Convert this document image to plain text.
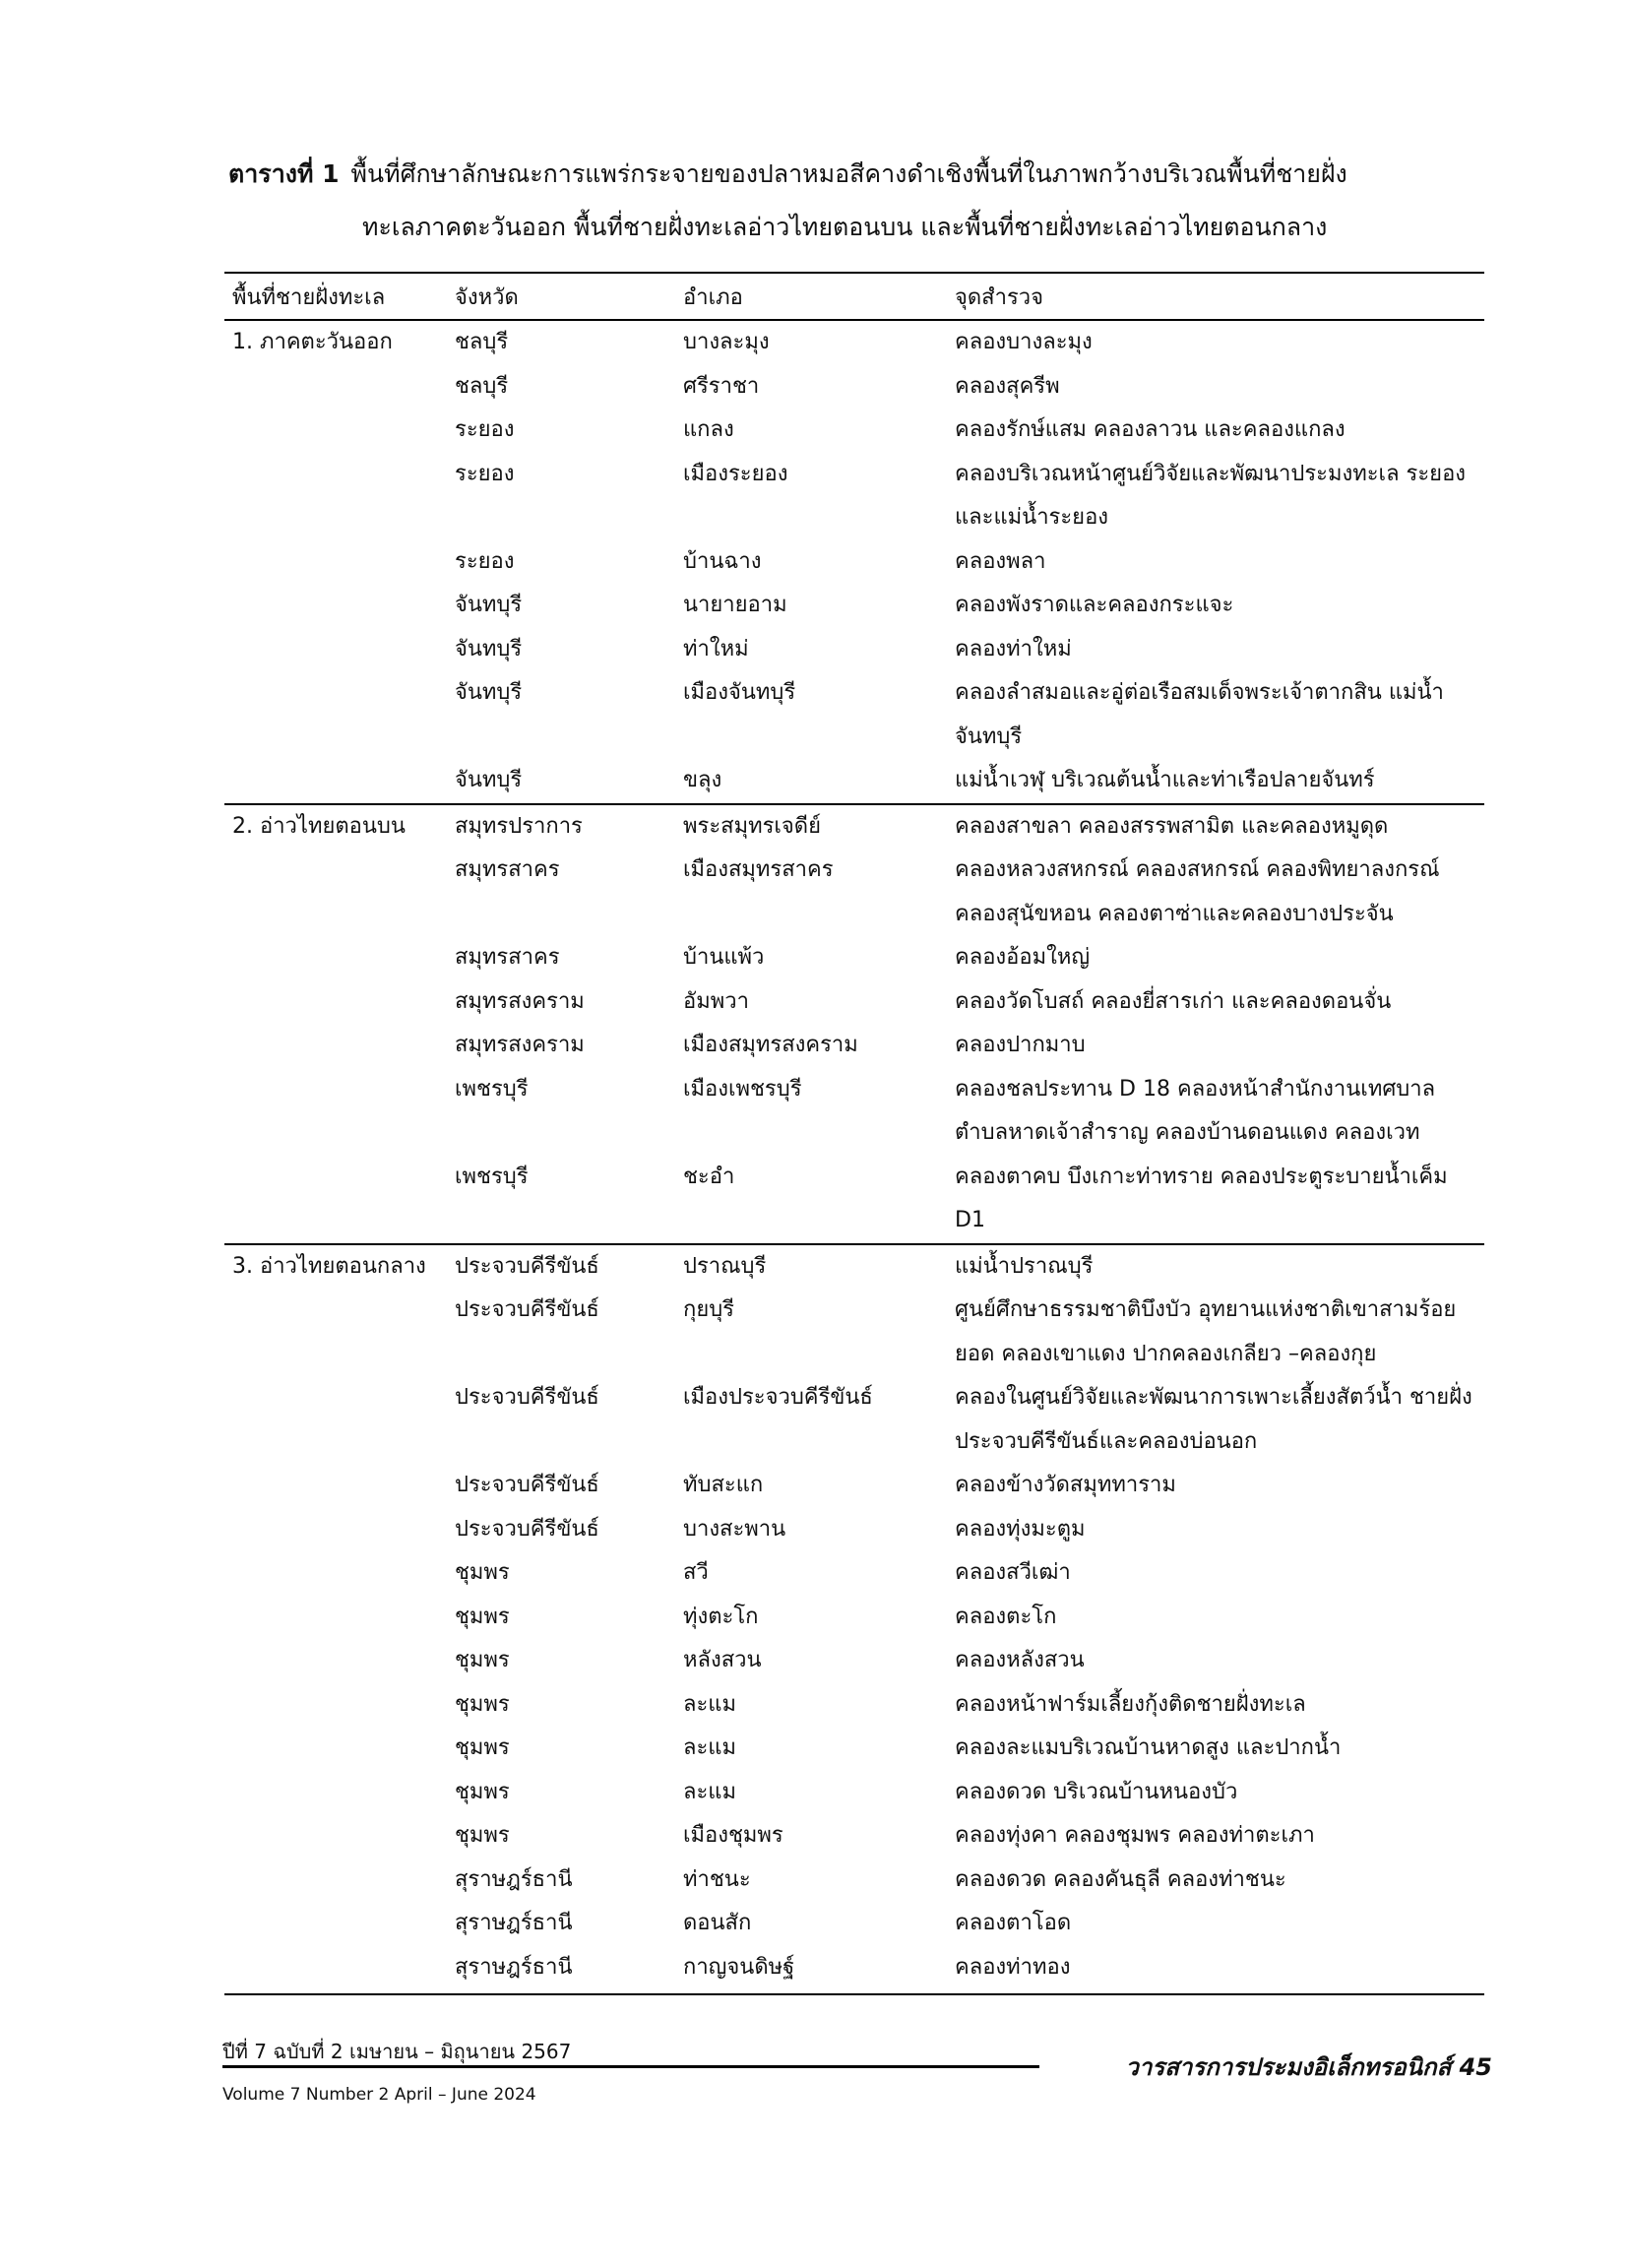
ตารางที่ 1 พื้นที่ศึกษาลักษณะการแพร่กระจายของปลาหมอสีคางดำเชิงพื้นที่ในภาพกว้างบริเวณพื้นที่ชายฝั่ง
ทะเลภาคตะวันออก พื้นที่ชายฝั่งทะเลอ่าวไทยตอนบน และพื้นที่ชายฝั่งทะเลอ่าวไทยตอนกลาง
พื้นที่ชายฝั่งทะเล	จังหวัด	อำเภอ	จุดสำรวจ
1. ภาคตะวันออก	ชลบุรี	บางละมุง	คลองบางละมุง
	ชลบุรี	ศรีราชา	คลองสุครีพ
	ระยอง	แกลง	คลองรักษ์แสม คลองลาวน และคลองแกลง
	ระยอง	เมืองระยอง	คลองบริเวณหน้าศูนย์วิจัยและพัฒนาประมงทะเล ระยอง และแม่น้ำระยอง
	ระยอง	บ้านฉาง	คลองพลา
	จันทบุรี	นายายอาม	คลองพังราดและคลองกระแจะ
	จันทบุรี	ท่าใหม่	คลองท่าใหม่
	จันทบุรี	เมืองจันทบุรี	คลองลำสมอและอู่ต่อเรือสมเด็จพระเจ้าตากสิน แม่น้ำ จันทบุรี
	จันทบุรี	ขลุง	แม่น้ำเวฬุ บริเวณต้นน้ำและท่าเรือปลายจันทร์
2. อ่าวไทยตอนบน	สมุทรปราการ	พระสมุทรเจดีย์	คลองสาขลา คลองสรรพสามิต และคลองหมูดุด
	สมุทรสาคร	เมืองสมุทรสาคร	คลองหลวงสหกรณ์ คลองสหกรณ์ คลองพิทยาลงกรณ์ คลองสุนัขหอน คลองตาซ่าและคลองบางประจัน
	สมุทรสาคร	บ้านแพ้ว	คลองอ้อมใหญ่
	สมุทรสงคราม	อัมพวา	คลองวัดโบสถ์ คลองยี่สารเก่า และคลองดอนจั่น
	สมุทรสงคราม	เมืองสมุทรสงคราม	คลองปากมาบ
	เพชรบุรี	เมืองเพชรบุรี	คลองชลประทาน D 18 คลองหน้าสำนักงานเทศบาล ตำบลหาดเจ้าสำราญ คลองบ้านดอนแดง คลองเวท
	เพชรบุรี	ชะอำ	คลองตาคบ บึงเกาะท่าทราย คลองประตูระบายน้ำเค็ม D1
3. อ่าวไทยตอนกลาง	ประจวบคีรีขันธ์	ปราณบุรี	แม่น้ำปราณบุรี
	ประจวบคีรีขันธ์	กุยบุรี	ศูนย์ศึกษาธรรมชาติบึงบัว อุทยานแห่งชาติเขาสามร้อย ยอด คลองเขาแดง ปากคลองเกลียว –คลองกุย
	ประจวบคีรีขันธ์	เมืองประจวบคีรีขันธ์	คลองในศูนย์วิจัยและพัฒนาการเพาะเลี้ยงสัตว์น้ำ ชายฝั่งประจวบคีรีขันธ์และคลองบ่อนอก
	ประจวบคีรีขันธ์	ทับสะแก	คลองข้างวัดสมุททาราม
	ประจวบคีรีขันธ์	บางสะพาน	คลองทุ่งมะตูม
	ชุมพร	สวี	คลองสวีเฒ่า
	ชุมพร	ทุ่งตะโก	คลองตะโก
	ชุมพร	หลังสวน	คลองหลังสวน
	ชุมพร	ละแม	คลองหน้าฟาร์มเลี้ยงกุ้งติดชายฝั่งทะเล
	ชุมพร	ละแม	คลองละแมบริเวณบ้านหาดสูง และปากน้ำ
	ชุมพร	ละแม	คลองดวด บริเวณบ้านหนองบัว
	ชุมพร	เมืองชุมพร	คลองทุ่งคา คลองชุมพร คลองท่าตะเภา
	สุราษฎร์ธานี	ท่าชนะ	คลองดวด คลองคันธุลี คลองท่าชนะ
	สุราษฎร์ธานี	ดอนสัก	คลองตาโอด
	สุราษฎร์ธานี	กาญจนดิษฐ์	คลองท่าทอง
ปีที่ 7 ฉบับที่ 2 เมษายน – มิถุนายน 2567
วารสารการประมงอิเล็กทรอนิกส์ 45
Volume 7 Number 2 April – June 2024
